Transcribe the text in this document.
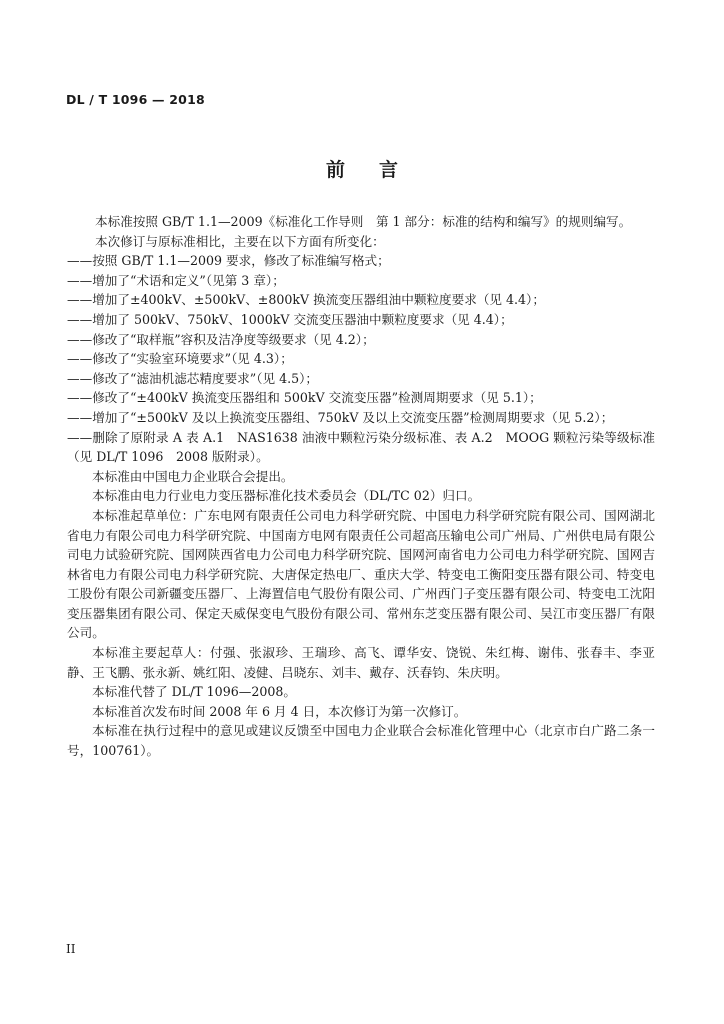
DL / T 1096 — 2018
前言
本标准按照 GB/T 1.1—2009《标准化工作导则　第 1 部分：标准的结构和编写》的规则编写。
本次修订与原标准相比，主要在以下方面有所变化：
——按照 GB/T 1.1—2009 要求，修改了标准编写格式；
——增加了“术语和定义”（见第 3 章）；
——增加了±400kV、±500kV、±800kV 换流变压器组油中颗粒度要求（见 4.4）；
——增加了 500kV、750kV、1000kV 交流变压器油中颗粒度要求（见 4.4）；
——修改了“取样瓶”容积及洁净度等级要求（见 4.2）；
——修改了“实验室环境要求”（见 4.3）；
——修改了“滤油机滤芯精度要求”（见 4.5）；
——修改了“±400kV 换流变压器组和 500kV 交流变压器”检测周期要求（见 5.1）；
——增加了“±500kV 及以上换流变压器组、750kV 及以上交流变压器”检测周期要求（见 5.2）；
——删除了原附录 A 表 A.1　NAS1638 油液中颗粒污染分级标准、表 A.2　MOOG 颗粒污染等级标准（见 DL/T 1096　2008 版附录）。
本标准由中国电力企业联合会提出。
本标准由电力行业电力变压器标准化技术委员会（DL/TC 02）归口。
本标准起草单位：广东电网有限责任公司电力科学研究院、中国电力科学研究院有限公司、国网湖北省电力有限公司电力科学研究院、中国南方电网有限责任公司超高压输电公司广州局、广州供电局有限公司电力试验研究院、国网陕西省电力公司电力科学研究院、国网河南省电力公司电力科学研究院、国网吉林省电力有限公司电力科学研究院、大唐保定热电厂、重庆大学、特变电工衡阳变压器有限公司、特变电工股份有限公司新疆变压器厂、上海置信电气股份有限公司、广州西门子变压器有限公司、特变电工沈阳变压器集团有限公司、保定天威保变电气股份有限公司、常州东芝变压器有限公司、吴江市变压器厂有限公司。
本标准主要起草人：付强、张淑珍、王瑞珍、高飞、谭华安、饶锐、朱红梅、谢伟、张春丰、李亚静、王飞鹏、张永新、姚红阳、凌健、吕晓东、刘丰、戴存、沃春钧、朱庆明。
本标准代替了 DL/T 1096—2008。
本标准首次发布时间 2008 年 6 月 4 日，本次修订为第一次修订。
本标准在执行过程中的意见或建议反馈至中国电力企业联合会标准化管理中心（北京市白广路二条一号，100761）。
II
